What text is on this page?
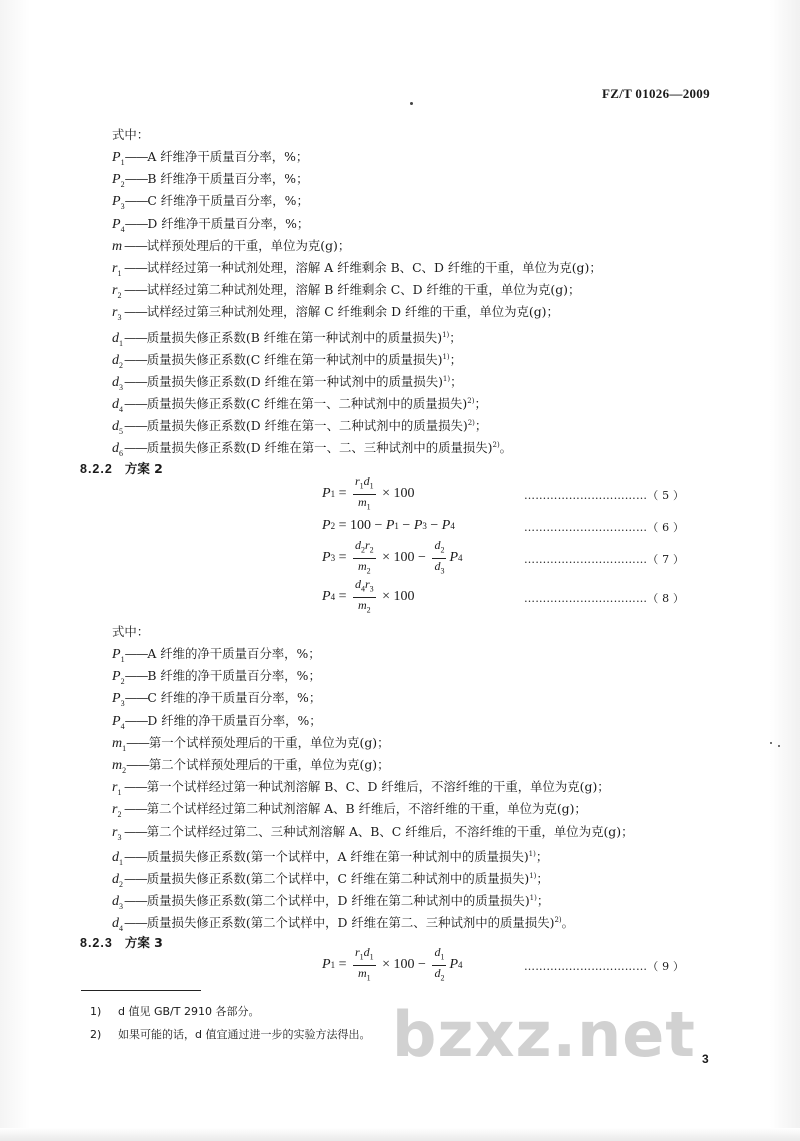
FZ/T 01026—2009
式中：
$P_1——A$ 纤维净干质量百分率，%；
$P_2——B$ 纤维净干质量百分率，%；
$P_3——C$ 纤维净干质量百分率，%；
$P_4——D$ 纤维净干质量百分率，%；
m ——试样预处理后的干重，单位为克(g)；
$r_1$ ——试样经过第一种试剂处理，溶解 A 纤维剩余 B、C、D 纤维的干重，单位为克(g)；
$r_2$ ——试样经过第二种试剂处理，溶解 B 纤维剩余 C、D 纤维的干重，单位为克(g)；
$r_3$ ——试样经过第三种试剂处理，溶解 C 纤维剩余 D 纤维的干重，单位为克(g)；
$d_1——$质量损失修正系数(B 纤维在第一种试剂中的质量损失)$^{1)}$；
$d_2——$质量损失修正系数(C 纤维在第一种试剂中的质量损失)$^{1)}$；
$d_3——$质量损失修正系数(D 纤维在第一种试剂中的质量损失)$^{1)}$；
$d_4——$质量损失修正系数(C 纤维在第一、二种试剂中的质量损失)$^{2)}$；
$d_5——$质量损失修正系数(D 纤维在第一、二种试剂中的质量损失)$^{2)}$；
$d_6——$质量损失修正系数(D 纤维在第一、二、三种试剂中的质量损失)$^{2)}$。
8.2.2 方案 2
P $1 = \frac{r_1d_1}{m_1} \times 100$	……………………………（ 5 ）
P 2 = 100 − P 1 − P 3 − P 4	……………………………（ 6 ）
P $3 = \frac{d_2r_2}{m_2} \times 100 - \frac{d_2}{d_3}$ P 4	……………………………（ 7 ）
P $4 = \frac{d_4r_3}{m_2} \times 100$	……………………………（ 8 ）
式中：
$P_1——A$ 纤维的净干质量百分率，%；
$P_2——B$ 纤维的净干质量百分率，%；
$P_3——C$ 纤维的净干质量百分率，%；
$P_4——D$ 纤维的净干质量百分率，%；
$m_1——$第一个试样预处理后的干重，单位为克(g)；
$m_2——$第二个试样预处理后的干重，单位为克(g)；
$r_1$ ——第一个试样经过第一种试剂溶解 B、C、D 纤维后，不溶纤维的干重，单位为克(g)；
$r_2$ ——第二个试样经过第二种试剂溶解 A、B 纤维后，不溶纤维的干重，单位为克(g)；
$r_3$ ——第二个试样经过第二、三种试剂溶解 A、B、C 纤维后，不溶纤维的干重，单位为克(g)；
$d_1——$质量损失修正系数(第一个试样中，A 纤维在第一种试剂中的质量损失)$^{1)}$；
$d_2——$质量损失修正系数(第二个试样中，C 纤维在第二种试剂中的质量损失)$^{1)}$；
$d_3——$质量损失修正系数(第二个试样中，D 纤维在第二种试剂中的质量损失)$^{1)}$；
$d_4——$质量损失修正系数(第二个试样中，D 纤维在第二、三种试剂中的质量损失)$^{2)}$。
8.2.3 方案 3
P $1 = \frac{r_1d_1}{m_1} \times 100 - \frac{d_1}{d_2}$ P 4	……………………………（ 9 ）
1) d 值见 GB/T 2910 各部分。
2) 如果可能的话，d 值宜通过进一步的实验方法得出。 bzxz.net 3
